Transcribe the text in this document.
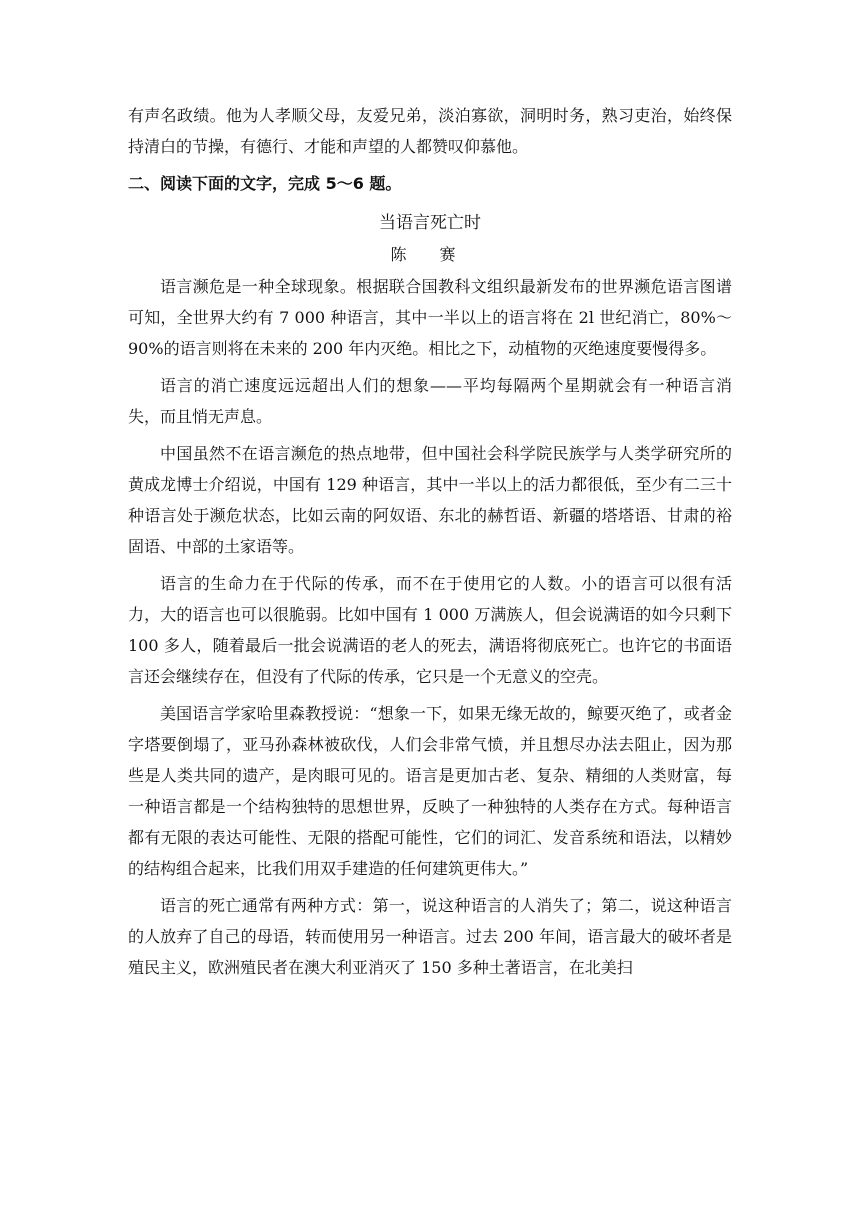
有声名政绩。他为人孝顺父母，友爱兄弟，淡泊寡欲，洞明时务，熟习吏治，始终保持清白的节操，有德行、才能和声望的人都赞叹仰慕他。

二、阅读下面的文字，完成 5～6 题。

当语言死亡时
陈 赛

语言濒危是一种全球现象。根据联合国教科文组织最新发布的世界濒危语言图谱可知，全世界大约有 7 000 种语言，其中一半以上的语言将在 2l 世纪消亡，80%～90%的语言则将在未来的 200 年内灭绝。相比之下，动植物的灭绝速度要慢得多。

语言的消亡速度远远超出人们的想象——平均每隔两个星期就会有一种语言消失，而且悄无声息。

中国虽然不在语言濒危的热点地带，但中国社会科学院民族学与人类学研究所的黄成龙博士介绍说，中国有 129 种语言，其中一半以上的活力都很低，至少有二三十种语言处于濒危状态，比如云南的阿奴语、东北的赫哲语、新疆的塔塔语、甘肃的裕固语、中部的土家语等。

语言的生命力在于代际的传承，而不在于使用它的人数。小的语言可以很有活力，大的语言也可以很脆弱。比如中国有 1 000 万满族人，但会说满语的如今只剩下 100 多人，随着最后一批会说满语的老人的死去，满语将彻底死亡。也许它的书面语言还会继续存在，但没有了代际的传承，它只是一个无意义的空壳。

美国语言学家哈里森教授说：“想象一下，如果无缘无故的，鲸要灭绝了，或者金字塔要倒塌了，亚马孙森林被砍伐，人们会非常气愤，并且想尽办法去阻止，因为那些是人类共同的遗产，是肉眼可见的。语言是更加古老、复杂、精细的人类财富，每一种语言都是一个结构独特的思想世界，反映了一种独特的人类存在方式。每种语言都有无限的表达可能性、无限的搭配可能性，它们的词汇、发音系统和语法，以精妙的结构组合起来，比我们用双手建造的任何建筑更伟大。”

语言的死亡通常有两种方式：第一，说这种语言的人消失了；第二，说这种语言的人放弃了自己的母语，转而使用另一种语言。过去 200 年间，语言最大的破坏者是殖民主义，欧洲殖民者在澳大利亚消灭了 150 多种土著语言，在北美扫
